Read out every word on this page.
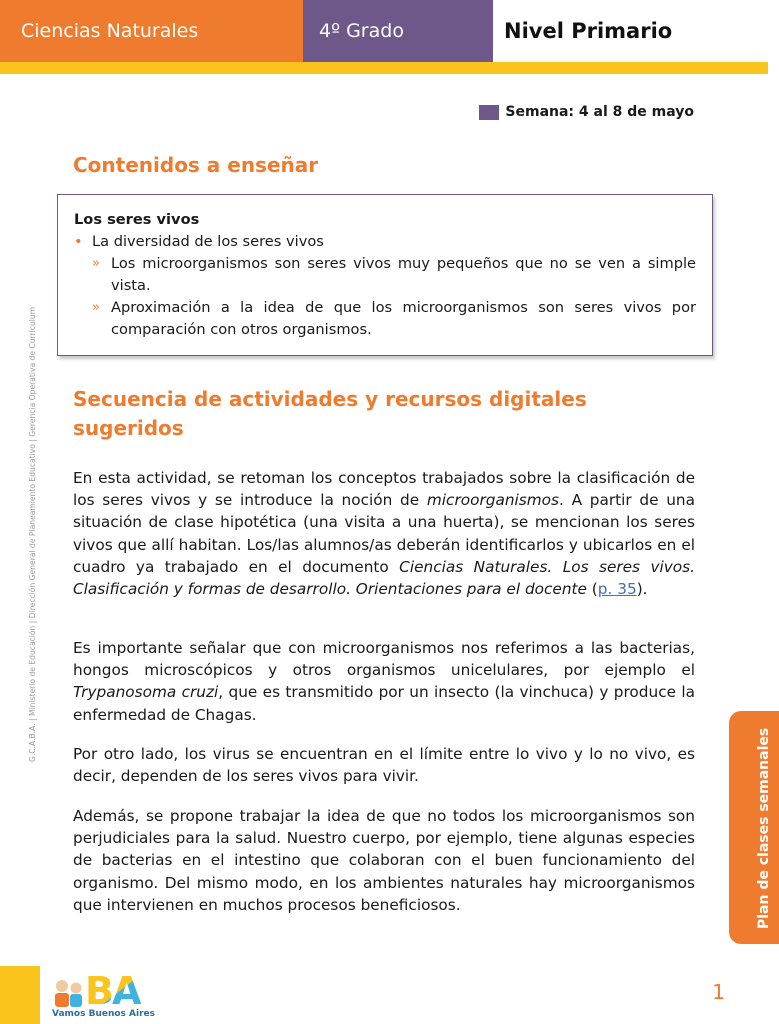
Ciencias Naturales	4º Grado	Nivel Primario
Semana: 4 al 8 de mayo
Contenidos a enseñar
Los seres vivos
• La diversidad de los seres vivos
» Los microorganismos son seres vivos muy pequeños que no se ven a simple vista.
» Aproximación a la idea de que los microorganismos son seres vivos por comparación con otros organismos.
Secuencia de actividades y recursos digitales sugeridos

En esta actividad, se retoman los conceptos trabajados sobre la clasificación de los seres vivos y se introduce la noción de microorganismos. A partir de una situación de clase hipotética (una visita a una huerta), se mencionan los seres vivos que allí habitan. Los/las alumnos/as deberán identificarlos y ubicarlos en el cuadro ya trabajado en el documento Ciencias Naturales. Los seres vivos. Clasificación y formas de desarrollo. Orientaciones para el docente (p. 35).

Es importante señalar que con microorganismos nos referimos a las bacterias, hongos microscópicos y otros organismos unicelulares, por ejemplo el Trypanosoma cruzi, que es transmitido por un insecto (la vinchuca) y produce la enfermedad de Chagas.

Por otro lado, los virus se encuentran en el límite entre lo vivo y lo no vivo, es decir, dependen de los seres vivos para vivir.

Además, se propone trabajar la idea de que no todos los microorganismos son perjudiciales para la salud. Nuestro cuerpo, por ejemplo, tiene algunas especies de bacterias en el intestino que colaboran con el buen funcionamiento del organismo. Del mismo modo, en los ambientes naturales hay microorganismos que intervienen en muchos procesos beneficiosos.

G.C.A.B.A. | Ministerio de Educación | Dirección General de Planeamiento Educativo | Gerencia Operativa de Currículum
Plan de clases semanales
BA
Vamos Buenos Aires
1
